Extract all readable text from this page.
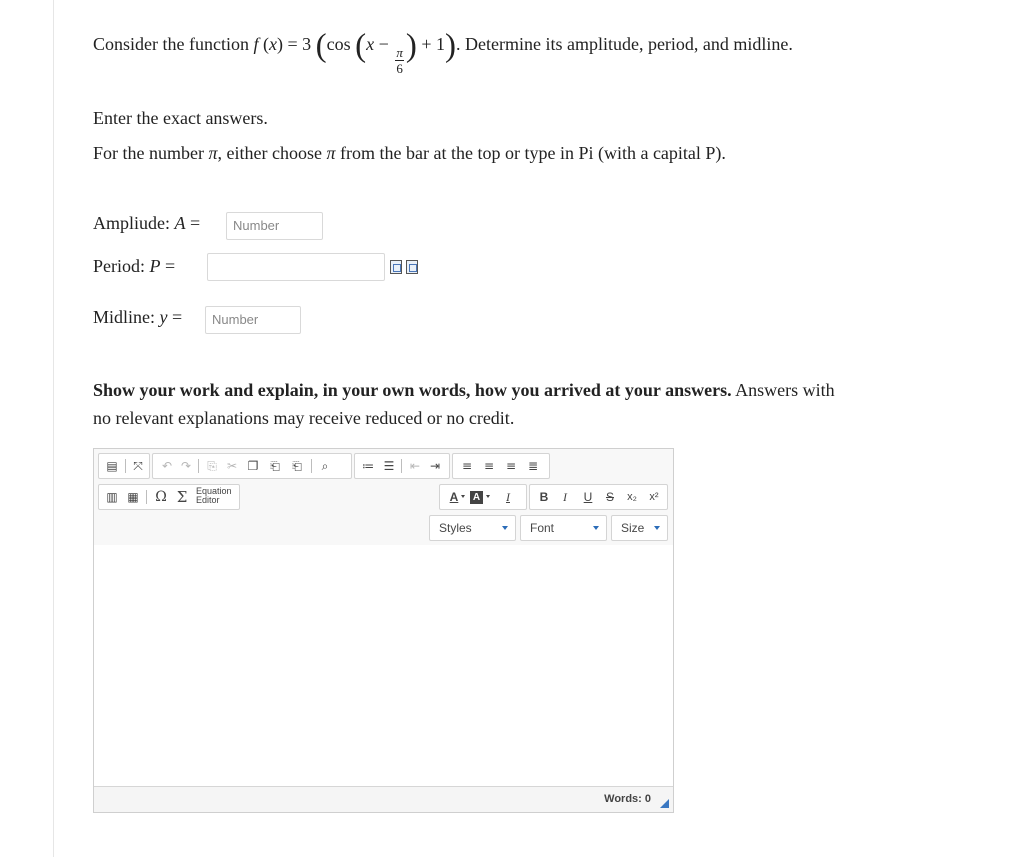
Consider the function f (x) = 3 (cos (x −
$\frac{\pi}{6}$ ) + 1). Determine its amplitude, period, and midline.
Enter the exact answers.
For the number π, either choose π from the bar at the top or type in Pi (with a capital P).
Ampliude: A =	Number
Period: P =
Midline: y =	Number
Show your work and explain, in your own words, how you arrived at your answers. Answers with
no relevant explanations may receive reduced or no credit.
▤ ⤧ ↶ ↷ ⎘ ✂ ❐ ⎗ ⎗	⌕	≔ ☰ ⇤ ⇥ ≡ ≡ ≡ ≣
▥ ▦ Ω Σ Equation
Editor	A	A	I	B	I	U	S	x₂	x²
Styles	Font	Size
Words: 0
